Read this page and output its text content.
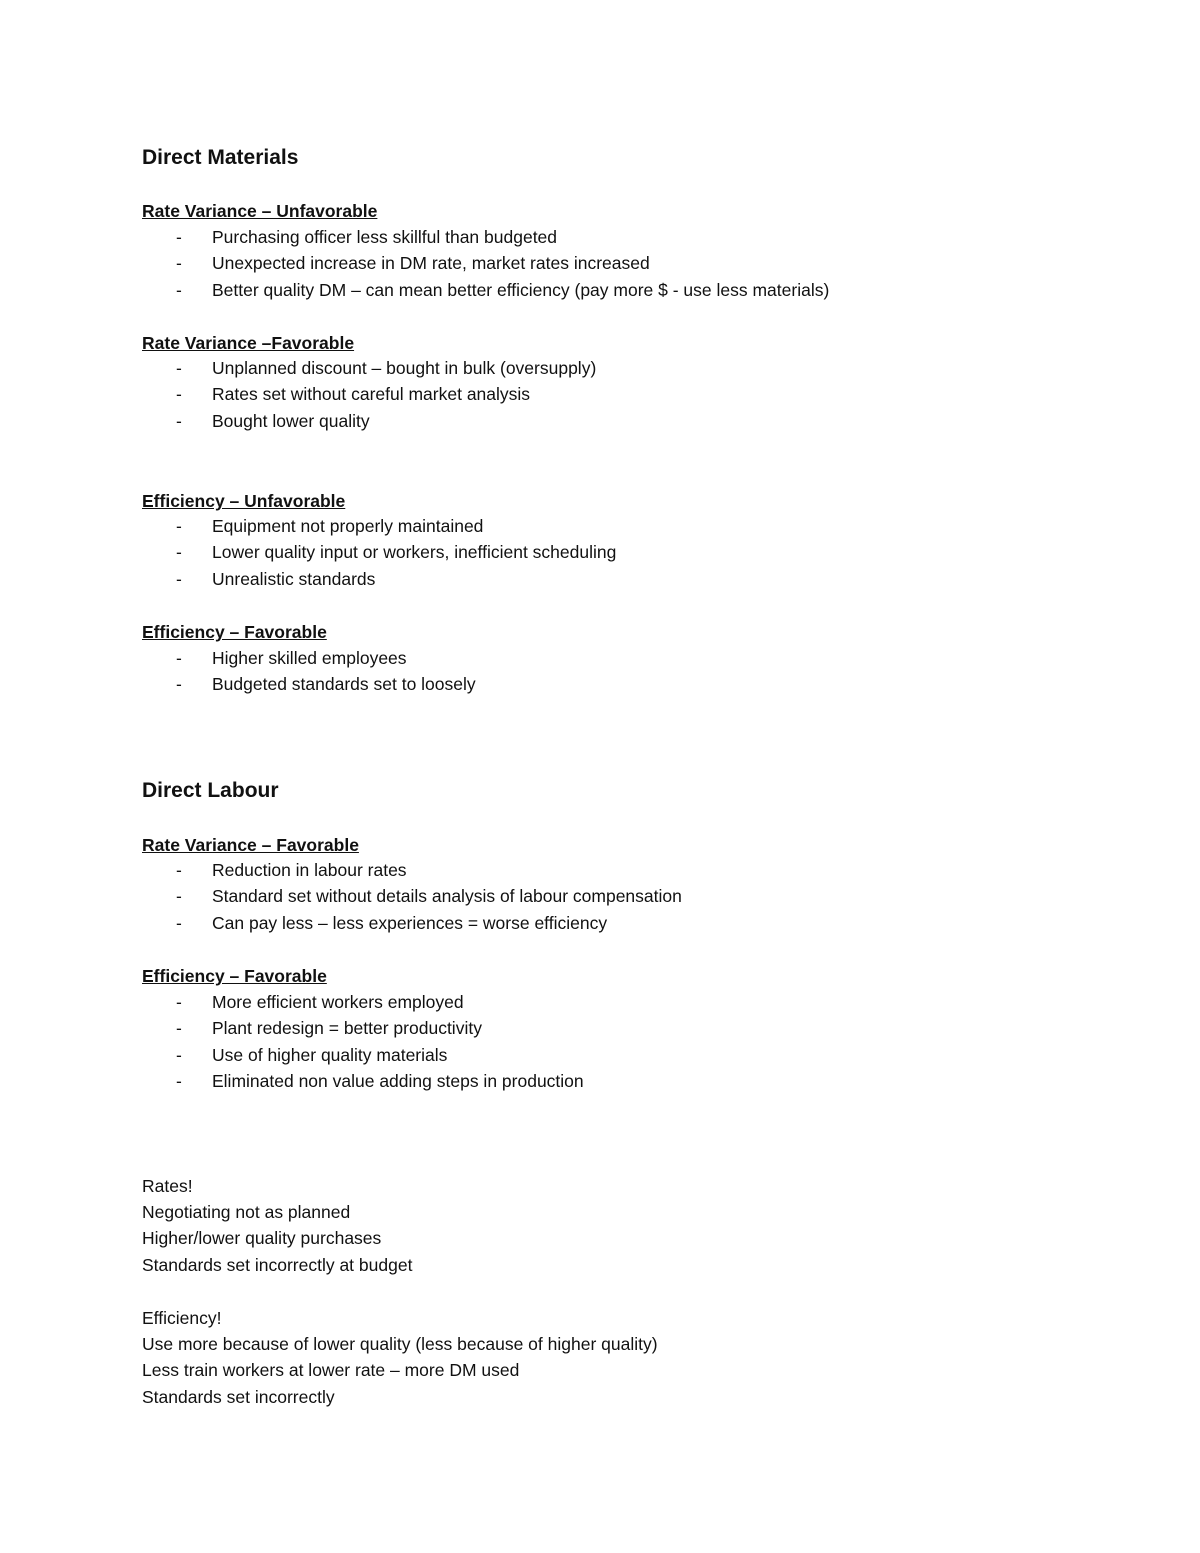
Direct Materials
Rate Variance – Unfavorable
- Purchasing officer less skillful than budgeted
- Unexpected increase in DM rate, market rates increased
- Better quality DM – can mean better efficiency (pay more $ - use less materials)
Rate Variance –Favorable
- Unplanned discount – bought in bulk (oversupply)
- Rates set without careful market analysis
- Bought lower quality
Efficiency – Unfavorable
- Equipment not properly maintained
- Lower quality input or workers, inefficient scheduling
- Unrealistic standards
Efficiency – Favorable
- Higher skilled employees
- Budgeted standards set to loosely
Direct Labour
Rate Variance – Favorable
- Reduction in labour rates
- Standard set without details analysis of labour compensation
- Can pay less – less experiences = worse efficiency
Efficiency – Favorable
- More efficient workers employed
- Plant redesign = better productivity
- Use of higher quality materials
- Eliminated non value adding steps in production
Rates!
Negotiating not as planned
Higher/lower quality purchases
Standards set incorrectly at budget
Efficiency!
Use more because of lower quality (less because of higher quality)
Less train workers at lower rate – more DM used
Standards set incorrectly
